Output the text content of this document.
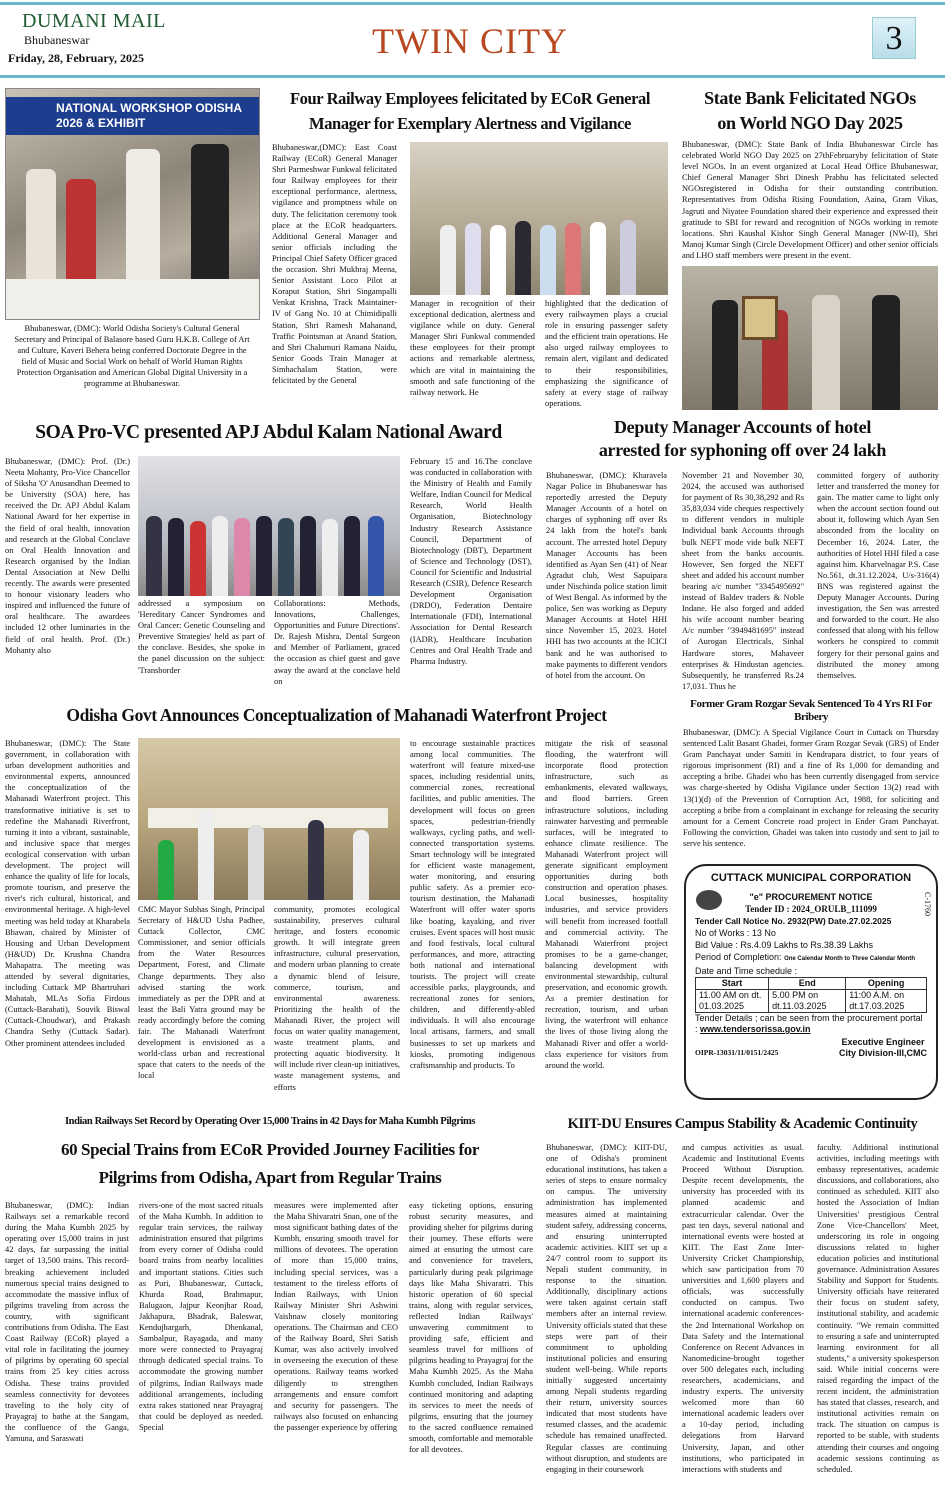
DUMANI MAIL
Bhubaneswar
Friday, 28, February, 2025	TWIN CITY	3
NATIONAL WORKSHOP ODISHA 2026 & EXHIBIT
Bhubaneswar, (DMC): World Odisha Society's Cultural General Secretary and Principal of Balasore based Guru H.K.B. College of Art and Culture, Kaveri Behera being conferred Doctorate Degree in the field of Music and Social Work on behalf of World Human Rights Protection Organisation and American Global Digital University in a programme at Bhubaneswar.
Four Railway Employees felicitated by ECoR General
Manager for Exemplary Alertness and Vigilance
Bhubaneswar,(DMC): East Coast Railway (ECoR) General Manager Shri Parmeshwar Funkwal felicitated four Railway employees for their exceptional performance, alertness, vigilance and promptness while on duty. The felicitation ceremony took place at the ECoR headquarters. Additional General Manager and senior officials including the Principal Chief Safety Officer graced the occasion. Shri Mukhraj Meena, Senior Assistant Loco Pilot at Koraput Station, Shri Singampalli Venkat Krishna, Track Maintainer-IV of Gang No. 10 at Chimidipalli Station, Shri Ramesh Mahanand, Traffic Pointsman at Anand Station, and Shri Chalumuri Ramana Naidu, Senior Goods Train Manager at Simhachalam Station, were felicitated by the General
Manager in recognition of their exceptional dedication, alertness and vigilance while on duty. General Manager Shri Funkwal commended these employees for their prompt actions and remarkable alertness, which are vital in maintaining the smooth and safe functioning of the railway network. He
highlighted that the dedication of every railwaymen plays a crucial role in ensuring passenger safety and the efficient train operations. He also urged railway employees to remain alert, vigilant and dedicated to their responsibilities, emphasizing the significance of safety at every stage of railway operations.
State Bank Felicitated NGOs
on World NGO Day 2025
Bhubaneswar, (DMC): State Bank of India Bhubaneswar Circle has celebrated World NGO Day 2025 on 27thFebruaryby felicitation of State level NGOs. In an event organized at Local Head Office Bhubaneswar, Chief General Manager Shri Dinesh Prabhu has felicitated selected NGOsregistered in Odisha for their outstanding contribution. Representatives from Odisha Rising Foundation, Aaina, Gram Vikas, Jagruti and Niyatee Foundation shared their experience and expressed their gratitude to SBI for reward and recognition of NGOs working in remote locations. Shri Kaushal Kishor Singh General Manager (NW-II), Shri Manoj Kumar Singh (Circle Development Officer) and other senior officials and LHO staff members were present in the event.
SOA Pro-VC presented APJ Abdul Kalam National Award
Bhubaneswar, (DMC): Prof. (Dr.) Neeta Mohanty, Pro-Vice Chancellor of Siksha 'O' Anusandhan Deemed to be University (SOA) here, has received the Dr. APJ Abdul Kalam National Award for her expertise in the field of oral health, innovation and research at the Global Conclave on Oral Health Innovation and Research organised by the Indian Dental Association at New Delhi recently. The awards were presented to honour visionary leaders who inspired and influenced the future of oral healthcare. The awardees included 12 other luminaries in the field of oral health. Prof. (Dr.) Mohanty also
addressed a symposium on 'Hereditary Cancer Syndromes and Oral Cancer: Genetic Counseling and Preventive Strategies' held as part of the conclave. Besides, she spoke in the panel discussion on the subject: 'Transborder
Collaborations: Methods, Innovations, Challenges, Opportunities and Future Directions'. Dr. Rajesh Mishra, Dental Surgeon and Member of Parliament, graced the occasion as chief guest and gave away the award at the conclave held on
February 15 and 16.The conclave was conducted in collaboration with the Ministry of Health and Family Welfare, Indian Council for Medical Research, World Health Organisation, Biotechnology Industry Research Assistance Council, Department of Biotechnology (DBT), Department of Science and Technology (DST), Council for Scientific and Industrial Research (CSIR), Defence Research Development Organisation (DRDO), Federation Dentaire Internationale (FDI), International Association for Dental Research (IADR), Healthcare Incubation Centres and Oral Health Trade and Pharma Industry.
Deputy Manager Accounts of hotel
arrested for syphoning off over 24 lakh
Bhubaneswar, (DMC): Kharavela Nagar Police in Bhubaneswar has reportedly arrested the Deputy Manager Accounts of a hotel on charges of syphoning off over Rs 24 lakh from the hotel's bank account. The arrested hotel Deputy Manager Accounts has been identified as Ayan Sen (41) of Near Agradut club, West Sapuipara under Nischinda police station limit of West Bengal. As informed by the police, Sen was working as Deputy Manager Accounts at Hotel HHI since November 15, 2023. Hotel HHI has two accounts at the ICICI bank and he was authorised to make payments to different vendors of hotel from the account. On
November 21 and November 30, 2024, the accused was authorised for payment of Rs 30,38,292 and Rs 35,83,034 vide cheques respectively to different vendors in multiple Individual bank Accounts through bulk NEFT mode vide bulk NEFT sheet from the banks accounts. However, Sen forged the NEFT sheet and added his account number bearing a/c number "3345495692" instead of Baldev traders & Noble Indane. He also forged and added his wife account number bearing A/c number "3949481695" instead of Aurogan Electricals, Sinhal Hardware stores, Mahaveer enterprises & Hindustan agencies. Subsequently, he transferred Rs.24 17,031. Thus he
committed forgery of authority letter and transferred the money for gain. The matter came to light only when the account section found out about it, following which Ayan Sen absconded from the locality on December 16, 2024. Later, the authorities of Hotel HHI filed a case against him. Kharvelnagar P.S. Case No.561, dt.31.12.2024, U/s-316(4) BNS was registered against the Deputy Manager Accounts. During investigation, the Sen was arrested and forwarded to the court. He also confessed that along with his fellow workers he conspired to commit forgery for their personal gains and distributed the money among themselves.
Odisha Govt Announces Conceptualization of Mahanadi Waterfront Project
Bhubaneswar, (DMC): The State government, in collaboration with urban development authorities and environmental experts, announced the conceptualization of the Mahanadi Waterfront project. This transformative initiative is set to redefine the Mahanadi Riverfront, turning it into a vibrant, sustainable, and inclusive space that merges ecological conservation with urban development. The project will enhance the quality of life for locals, promote tourism, and preserve the river's rich cultural, historical, and environmental heritage. A high-level meeting was held today at Kharabela Bhawan, chaired by Minister of Housing and Urban Development (H&UD) Dr. Krushna Chandra Mahapatra. The meeting was attended by several dignitaries, including Cuttack MP Bhartruhari Mahatab, MLAs Sofia Firdous (Cuttack-Barabati), Souvik Biswal (Cuttack-Choudwar), and Prakash Chandra Sethy (Cuttack Sadar). Other prominent attendees included
CMC Mayor Subhas Singh, Principal Secretary of H&UD Usha Padhee, Cuttack Collector, CMC Commissioner, and senior officials from the Water Resources Department, Forest, and Climate Change departments. They also advised starting the work immediately as per the DPR and at least the Bali Yatra ground may be ready accordingly before the coming fair. The Mahanadi Waterfront development is envisioned as a world-class urban and recreational space that caters to the needs of the local
community, promotes ecological sustainability, preserves cultural heritage, and fosters economic growth. It will integrate green infrastructure, cultural preservation, and modern urban planning to create a dynamic blend of leisure, commerce, tourism, and environmental awareness. Prioritizing the health of the Mahanadi River, the project will focus on water quality management, waste treatment plants, and protecting aquatic biodiversity. It will include river clean-up initiatives, waste management systems, and efforts
to encourage sustainable practices among local communities. The waterfront will feature mixed-use spaces, including residential units, commercial zones, recreational facilities, and public amenities. The development will focus on green spaces, pedestrian-friendly walkways, cycling paths, and well-connected transportation systems. Smart technology will be integrated for efficient waste management, water monitoring, and ensuring public safety. As a premier eco-tourism destination, the Mahanadi Waterfront will offer water sports like boating, kayaking, and river cruises. Event spaces will host music and food festivals, local cultural performances, and more, attracting both national and international tourists. The project will create accessible parks, playgrounds, and recreational zones for seniors, children, and differently-abled individuals. It will also encourage local artisans, farmers, and small businesses to set up markets and kiosks, promoting indigenous craftsmanship and products. To
mitigate the risk of seasonal flooding, the waterfront will incorporate flood protection infrastructure, such as embankments, elevated walkways, and flood barriers. Green infrastructure solutions, including rainwater harvesting and permeable surfaces, will be integrated to enhance climate resilience. The Mahanadi Waterfront project will generate significant employment opportunities during both construction and operation phases. Local businesses, hospitality industries, and service providers will benefit from increased footfall and commercial activity. The Mahanadi Waterfront project promises to be a game-changer, balancing development with environmental stewardship, cultural preservation, and economic growth. As a premier destination for recreation, tourism, and urban living, the waterfront will enhance the lives of those living along the Mahanadi River and offer a world-class experience for visitors from around the world.
Former Gram Rozgar Sevak Sentenced To 4 Yrs RI For Bribery
Bhubaneswar, (DMC): A Special Vigilance Court in Cuttack on Thursday sentenced Lalit Basant Ghadei, former Gram Rozgar Sevak (GRS) of Ender Gram Panchayat under Samiti in Kendrapara district, to four years of rigorous imprisonment (RI) and a fine of Rs 1,000 for demanding and accepting a bribe. Ghadei who has been currently disengaged from service was charge-sheeted by Odisha Vigilance under Section 13(2) read with 13(1)(d) of the Prevention of Corruption Act, 1988, for soliciting and accepting a bribe from a complainant in exchange for releasing the security amount for a Cement Concrete road project in Ender Gram Panchayat. Following the conviction, Ghadei was taken into custody and sent to jail to serve his sentence.
CUTTACK MUNICIPAL CORPORATION
C-1760
"e" PROCUREMENT NOTICE
Tender ID : 2024_ORULB_111099
Tender Call Notice No. 2932(PW) Date.27.02.2025
No of Works : 13 No
Bid Value : Rs.4.09 Lakhs to Rs.38.39 Lakhs
Period of Completion: One Calendar Month to Three Calendar Month
Date and Time schedule :
Start	End	Opening
11.00 AM on dt. 01.03.2025	5.00 PM on dt.11.03.2025	11:00 A.M. on dt.17.03.2025
Tender Details ; can be seen from the procurement portal : www.tendersorissa.gov.in
OIPR-13031/11/0151/2425
Executive Engineer
City Division-III,CMC
Indian Railways Set Record by Operating Over 15,000 Trains in 42 Days for Maha Kumbh Pilgrims
60 Special Trains from ECoR Provided Journey Facilities for
Pilgrims from Odisha, Apart from Regular Trains
Bhubaneswar, (DMC): Indian Railways set a remarkable record during the Maha Kumbh 2025 by operating over 15,000 trains in just 42 days, far surpassing the initial target of 13,500 trains. This record-breaking achievement included numerous special trains designed to accommodate the massive influx of pilgrims traveling from across the country, with significant contributions from Odisha. The East Coast Railway (ECoR) played a vital role in facilitating the journey of pilgrims by operating 60 special trains from 25 key cities across Odisha. These trains provided seamless connectivity for devotees traveling to the holy city of Prayagraj to bathe at the Sangam, the confluence of the Ganga, Yamuna, and Saraswati
rivers-one of the most sacred rituals of the Maha Kumbh. In addition to regular train services, the railway administration ensured that pilgrims from every corner of Odisha could board trains from nearby localities and important stations. Cities such as Puri, Bhubaneswar, Cuttack, Khurda Road, Brahmapur, Balugaon, Jajpur Keonjhar Road, Jakhapura, Bhadrak, Baleswar, Kendujhargarh, Dhenkanal, Sambalpur, Rayagada, and many more were connected to Prayagraj through dedicated special trains. To accommodate the growing number of pilgrims, Indian Railways made additional arrangements, including extra rakes stationed near Prayagraj that could be deployed as needed. Special
measures were implemented after the Maha Shivaratri Snan, one of the most significant bathing dates of the Kumbh, ensuring smooth travel for millions of devotees. The operation of more than 15,000 trains, including special services, was a testament to the tireless efforts of Indian Railways, with Union Railway Minister Shri Ashwini Vaishnaw closely monitoring operations. The Chairman and CEO of the Railway Board, Shri Satish Kumar, was also actively involved in overseeing the execution of these operations. Railway teams worked diligently to strengthen arrangements and ensure comfort and security for passengers. The railways also focused on enhancing the passenger experience by offering
easy ticketing options, ensuring robust security measures, and providing shelter for pilgrims during their journey. These efforts were aimed at ensuring the utmost care and convenience for travelers, particularly during peak pilgrimage days like Maha Shivaratri. This historic operation of 60 special trains, along with regular services, reflected Indian Railways' unwavering commitment to providing safe, efficient and seamless travel for millions of pilgrims heading to Prayagraj for the Maha Kumbh 2025. As the Maha Kumbh concluded, Indian Railways continued monitoring and adapting its services to meet the needs of pilgrims, ensuring that the journey to the sacred confluence remained smooth, comfortable and memorable for all devotees.
KIIT-DU Ensures Campus Stability & Academic Continuity
Bhubaneswar, (DMC): KIIT-DU, one of Odisha's prominent educational institutions, has taken a series of steps to ensure normalcy on campus. The university administration has implemented measures aimed at maintaining student safety, addressing concerns, and ensuring uninterrupted academic activities. KIIT set up a 24/7 control room to support its Nepali student community, in response to the situation. Additionally, disciplinary actions were taken against certain staff members after an internal review. University officials stated that these steps were part of their commitment to upholding institutional policies and ensuring student well-being. While reports initially suggested uncertainty among Nepali students regarding their return, university sources indicated that most students have resumed classes, and the academic schedule has remained unaffected. Regular classes are continuing without disruption, and students are engaging in their coursework
and campus activities as usual. Academic and Institutional Events Proceed Without Disruption. Despite recent developments, the university has proceeded with its planned academic and extracurricular calendar. Over the past ten days, several national and international events were hosted at KIIT. The East Zone Inter-University Cricket Championship, which saw participation from 70 universities and 1,600 players and officials, was successfully conducted on campus. Two international academic conferences-the 2nd International Workshop on Data Safety and the International Conference on Recent Advances in Nanomedicine-brought together over 500 delegates each, including researchers, academicians, and industry experts. The university welcomed more than 60 international academic leaders over a 10-day period, including delegations from Harvard University, Japan, and other institutions, who participated in interactions with students and
faculty. Additional institutional activities, including meetings with embassy representatives, academic discussions, and collaborations, also continued as scheduled. KIIT also hosted the Association of Indian Universities' prestigious Central Zone Vice-Chancellors' Meet, underscoring its role in ongoing discussions related to higher education policies and institutional governance. Administration Assures Stability and Support for Students. University officials have reiterated their focus on student safety, institutional stability, and academic continuity. "We remain committed to ensuring a safe and uninterrupted learning environment for all students," a university spokesperson said. While initial concerns were raised regarding the impact of the recent incident, the administration has stated that classes, research, and institutional activities remain on track. The situation on campus is reported to be stable, with students attending their courses and ongoing academic sessions continuing as scheduled.
